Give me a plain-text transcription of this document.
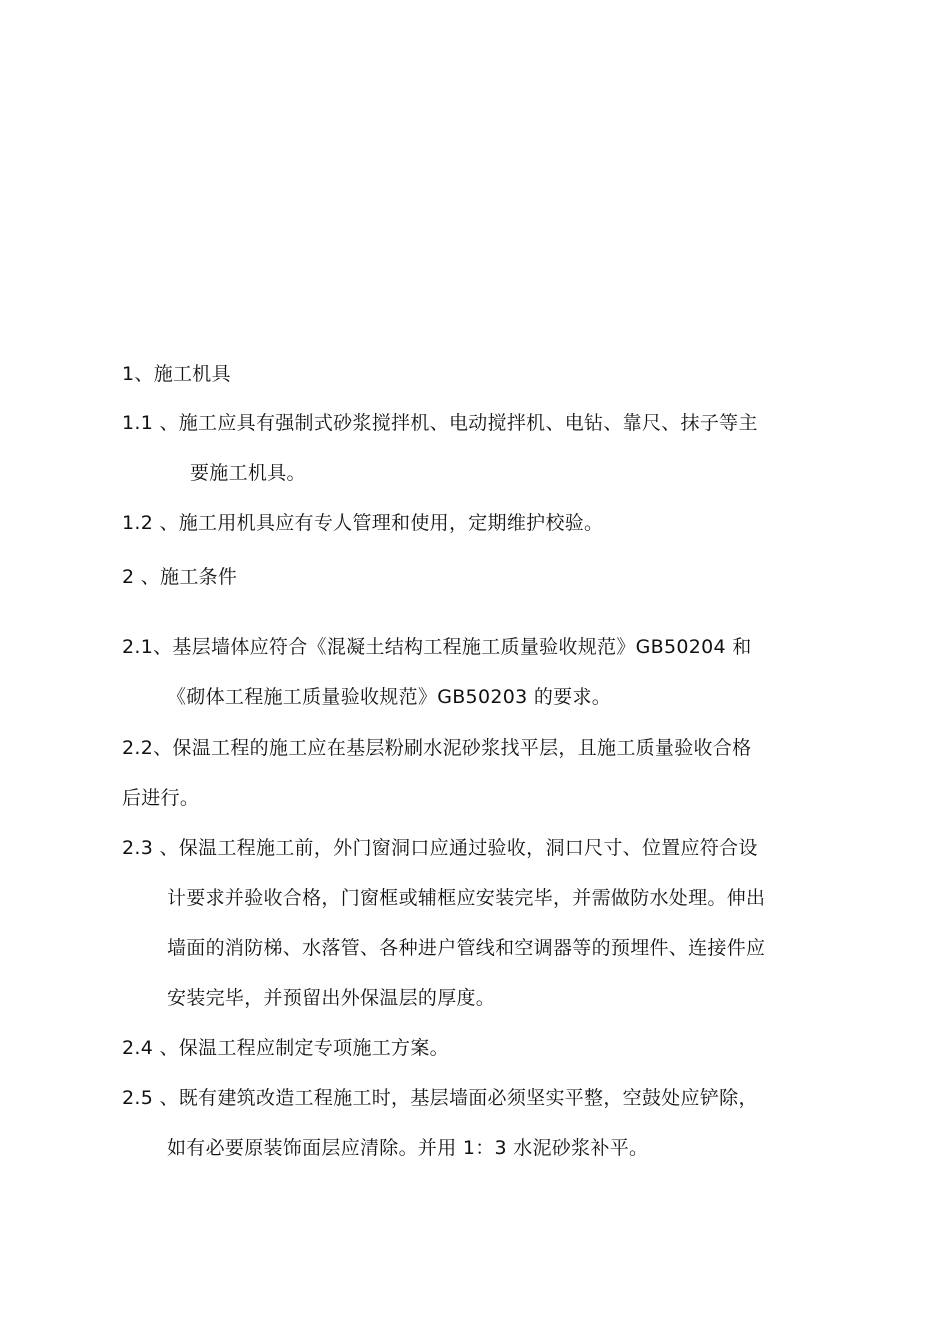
1、施工机具
1.1 、施工应具有强制式砂浆搅拌机、电动搅拌机、电钻、靠尺、抹子等主
要施工机具。
1.2 、施工用机具应有专人管理和使用，定期维护校验。
2 、施工条件
2.1、基层墙体应符合《混凝土结构工程施工质量验收规范》GB50204 和
《砌体工程施工质量验收规范》GB50203 的要求。
2.2、保温工程的施工应在基层粉刷水泥砂浆找平层，且施工质量验收合格
后进行。
2.3 、保温工程施工前，外门窗洞口应通过验收，洞口尺寸、位置应符合设
计要求并验收合格，门窗框或辅框应安装完毕，并需做防水处理。伸出
墙面的消防梯、水落管、各种进户管线和空调器等的预埋件、连接件应
安装完毕，并预留出外保温层的厚度。
2.4 、保温工程应制定专项施工方案。
2.5 、既有建筑改造工程施工时，基层墙面必须坚实平整，空鼓处应铲除，
如有必要原装饰面层应清除。并用 1：3 水泥砂浆补平。
